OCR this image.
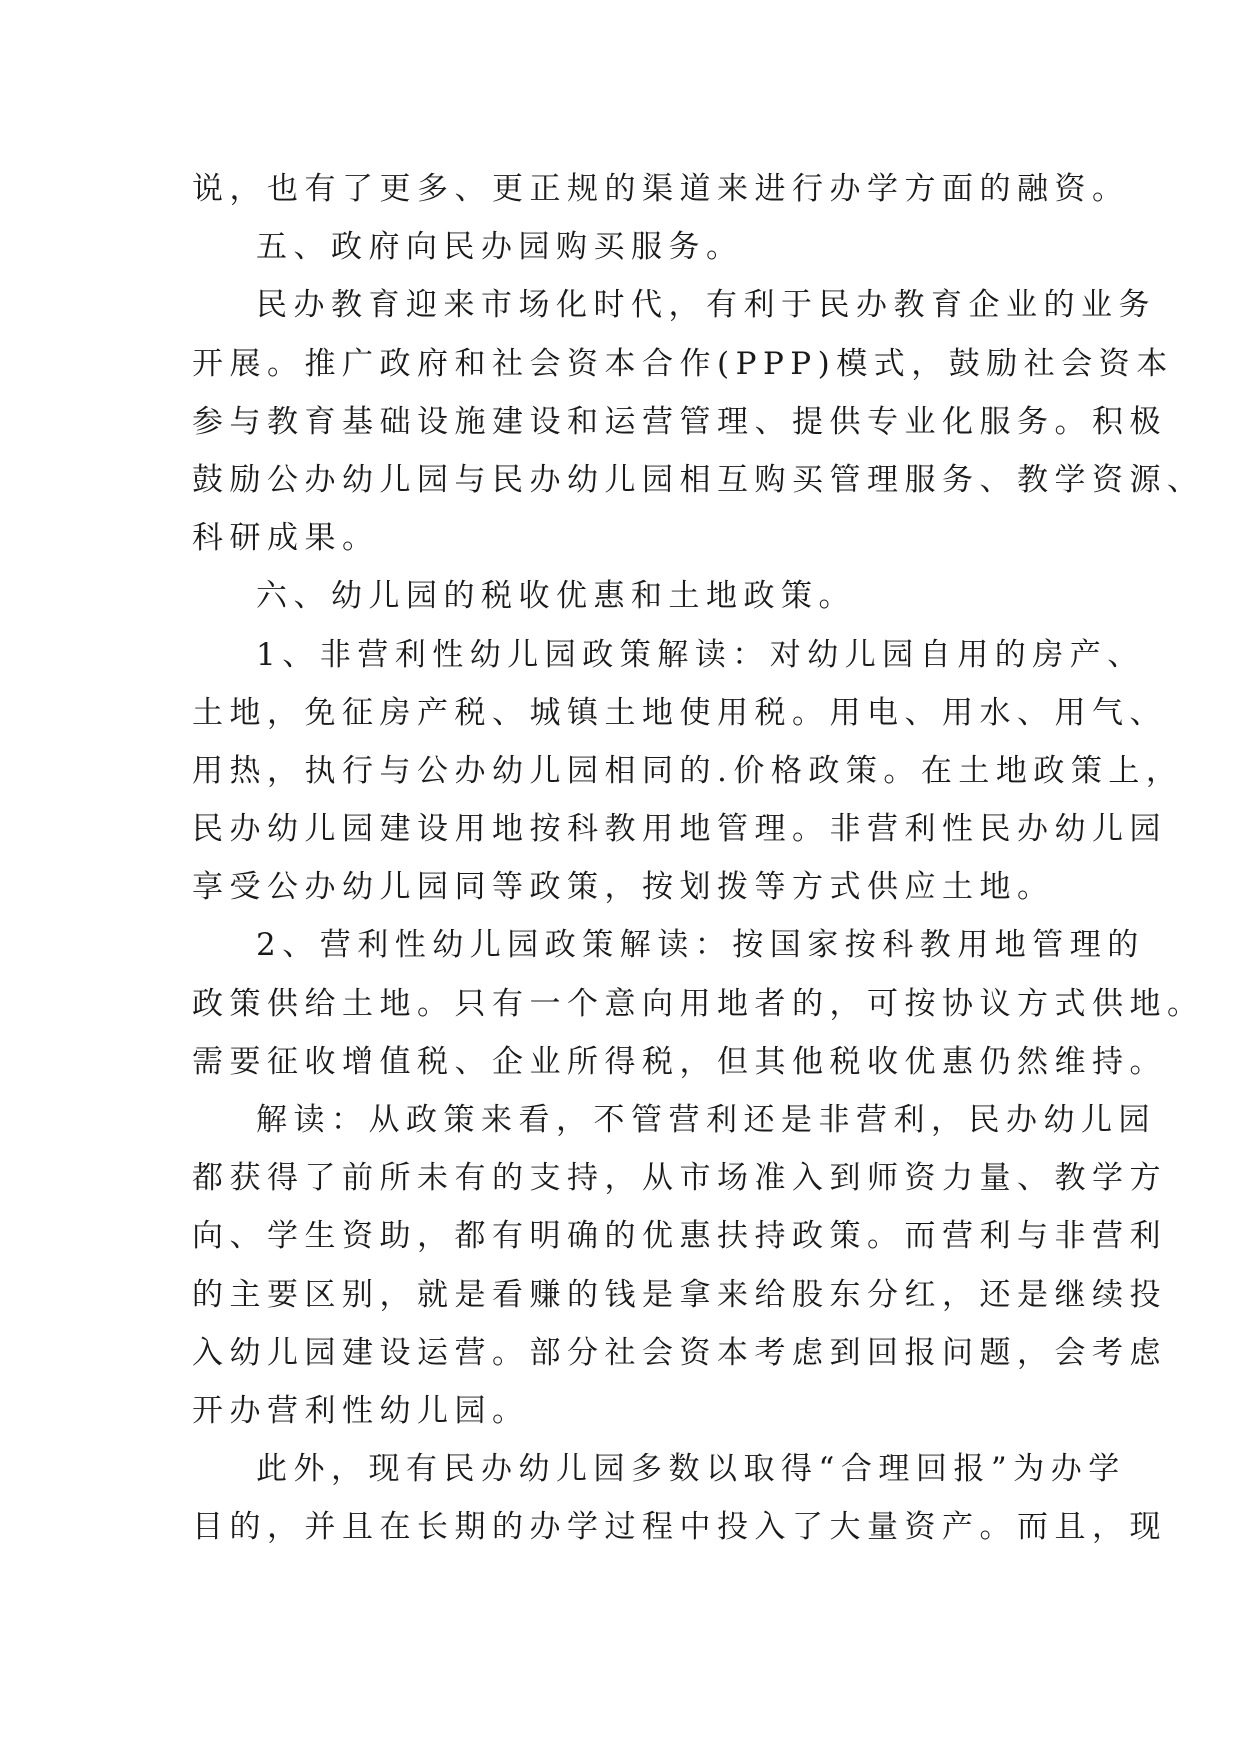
说，也有了更多、更正规的渠道来进行办学方面的融资。
五、政府向民办园购买服务。
民办教育迎来市场化时代，有利于民办教育企业的业务
开展。推广政府和社会资本合作(PPP)模式，鼓励社会资本
参与教育基础设施建设和运营管理、提供专业化服务。积极
鼓励公办幼儿园与民办幼儿园相互购买管理服务、教学资源、
科研成果。
六、幼儿园的税收优惠和土地政策。
1、非营利性幼儿园政策解读：对幼儿园自用的房产、
土地，免征房产税、城镇土地使用税。用电、用水、用气、
用热，执行与公办幼儿园相同的.价格政策。在土地政策上，
民办幼儿园建设用地按科教用地管理。非营利性民办幼儿园
享受公办幼儿园同等政策，按划拨等方式供应土地。
2、营利性幼儿园政策解读：按国家按科教用地管理的
政策供给土地。只有一个意向用地者的，可按协议方式供地。
需要征收增值税、企业所得税，但其他税收优惠仍然维持。
解读：从政策来看，不管营利还是非营利，民办幼儿园
都获得了前所未有的支持，从市场准入到师资力量、教学方
向、学生资助，都有明确的优惠扶持政策。而营利与非营利
的主要区别，就是看赚的钱是拿来给股东分红，还是继续投
入幼儿园建设运营。部分社会资本考虑到回报问题，会考虑
开办营利性幼儿园。
此外，现有民办幼儿园多数以取得“合理回报”为办学
目的，并且在长期的办学过程中投入了大量资产。而且，现
